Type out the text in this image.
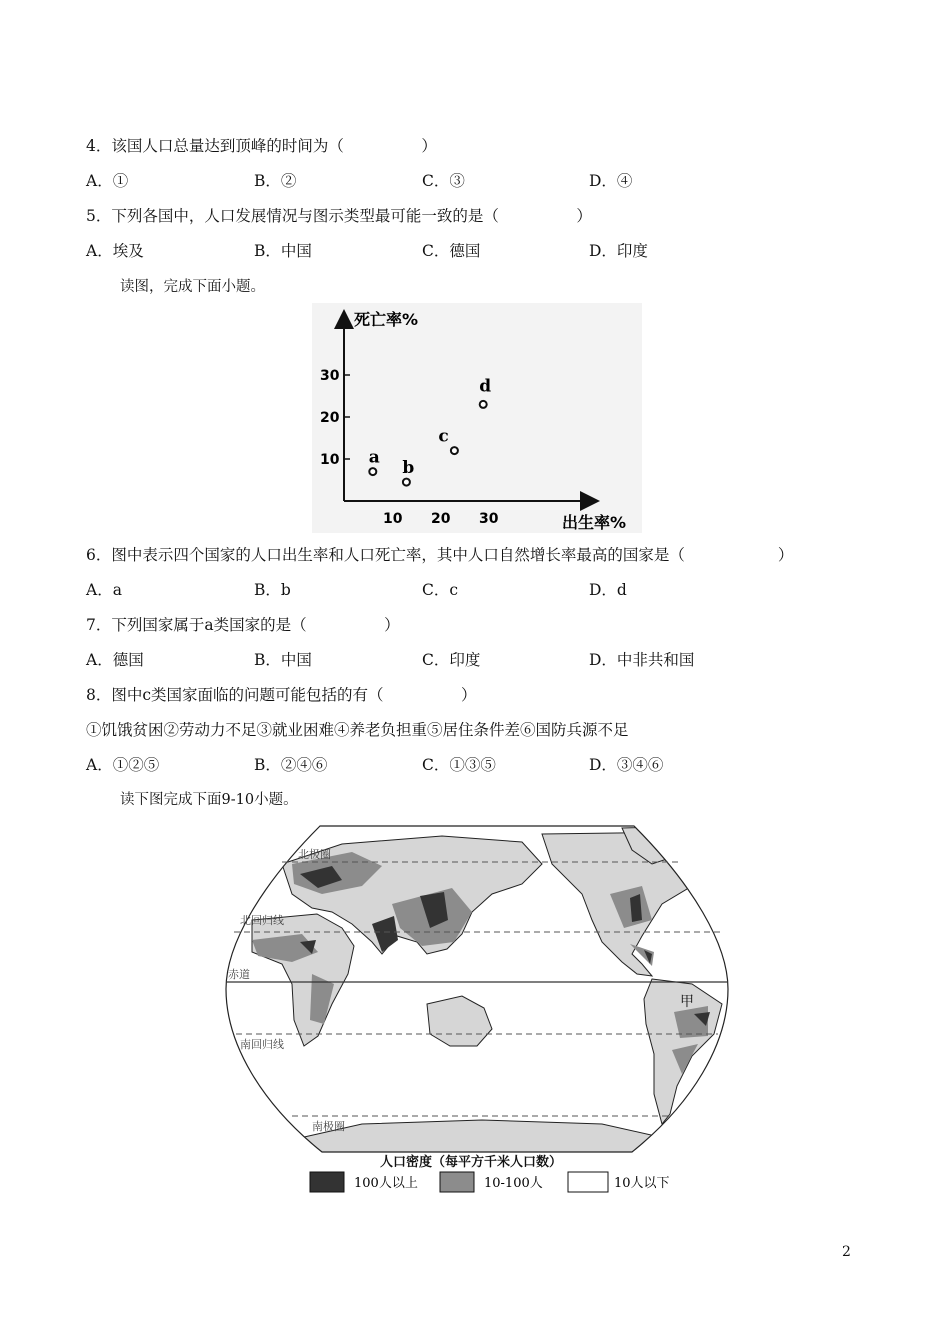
4．该国人口总量达到顶峰的时间为（　　　　　）
A．①	B．②	C．③	D．④
5．下列各国中，人口发展情况与图示类型最可能一致的是（　　　　　）
A．埃及	B．中国	C．德国	D．印度
读图，完成下面小题。
死亡率%
出生率%
10
20
30
10 20 30
a
b
c
d
6．图中表示四个国家的人口出生率和人口死亡率，其中人口自然增长率最高的国家是（　　　　　　）
A．a	B．b	C．c	D．d
7．下列国家属于a类国家的是（　　　　　）
A．德国	B．中国	C．印度	D．中非共和国
8．图中c类国家面临的问题可能包括的有（　　　　　）
①饥饿贫困②劳动力不足③就业困难④养老负担重⑤居住条件差⑥国防兵源不足
A．①②⑤	B．②④⑥	C．①③⑤	D．③④⑥
读下图完成下面9-10小题。
北极圈
北回归线
赤道
南回归线
南极圈
甲
人口密度（每平方千米人口数）
100人以上	10-100人	10人以下
2
